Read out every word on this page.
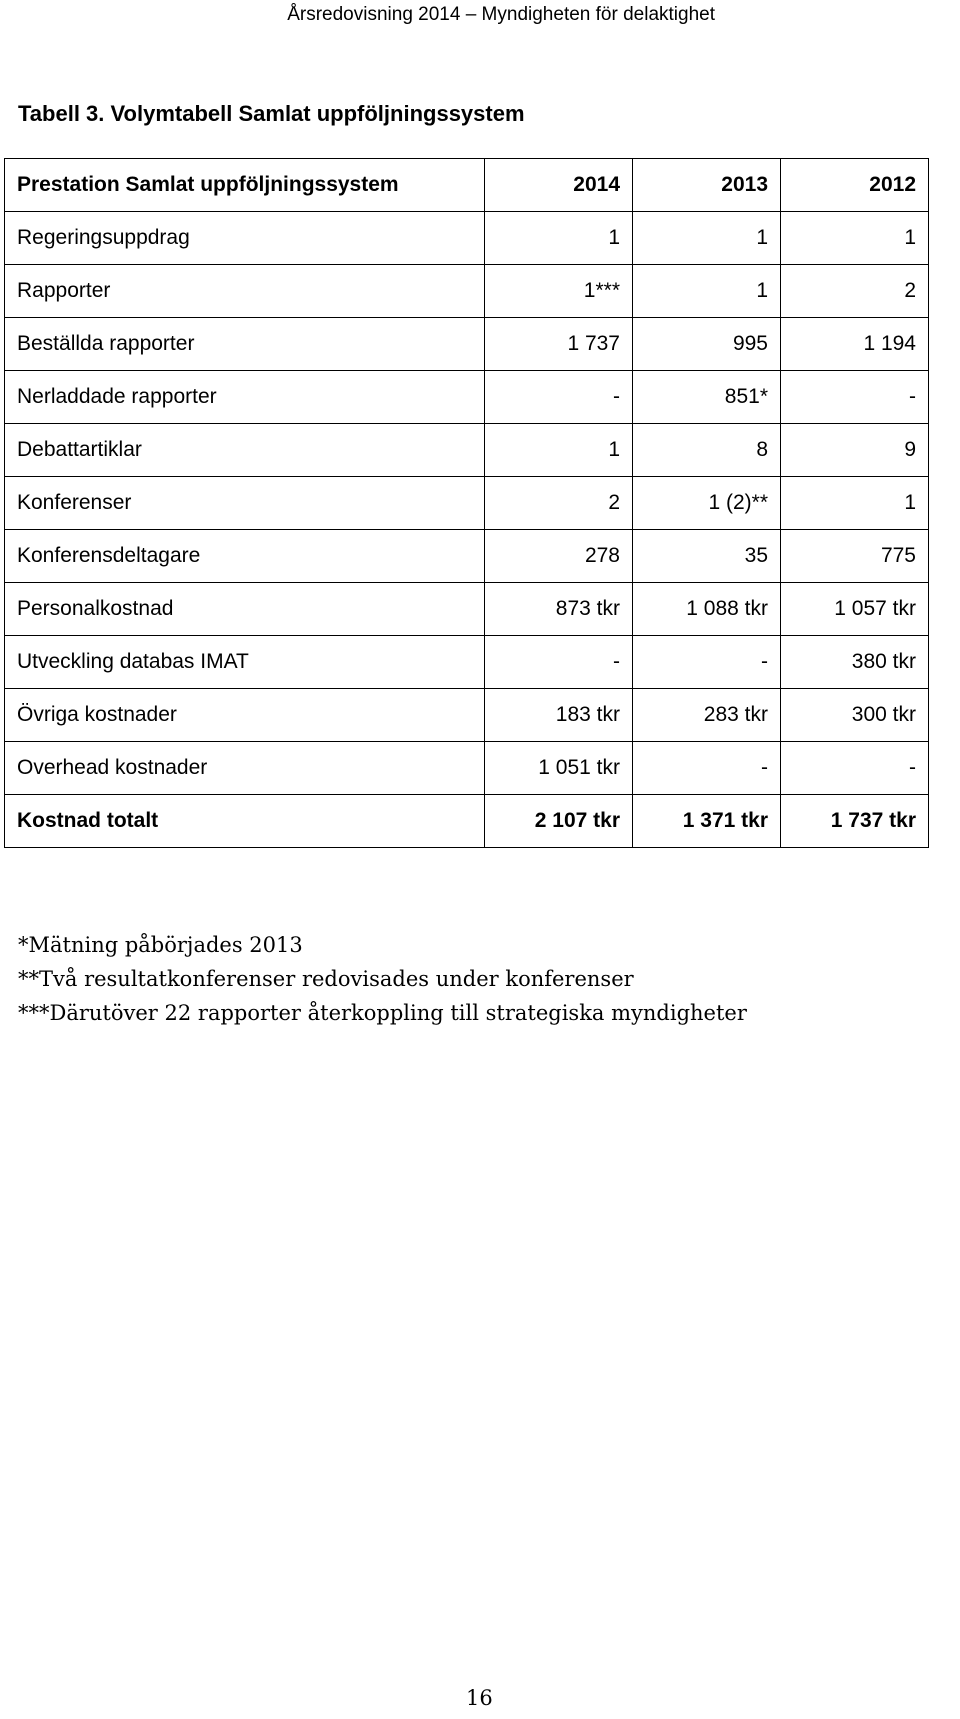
Årsredovisning 2014 – Myndigheten för delaktighet
Tabell 3. Volymtabell Samlat uppföljningssystem
Prestation Samlat uppföljningssystem	2014	2013	2012
Regeringsuppdrag	1	1	1
Rapporter	1***	1	2
Beställda rapporter	1 737	995	1 194
Nerladdade rapporter	-	851*	-
Debattartiklar	1	8	9
Konferenser	2	1 (2)**	1
Konferensdeltagare	278	35	775
Personalkostnad	873 tkr	1 088 tkr	1 057 tkr
Utveckling databas IMAT	-	-	380 tkr
Övriga kostnader	183 tkr	283 tkr	300 tkr
Overhead kostnader	1 051 tkr	-	-
Kostnad totalt	2 107 tkr	1 371 tkr	1 737 tkr
*Mätning påbörjades 2013
**Två resultatkonferenser redovisades under konferenser
***Därutöver 22 rapporter återkoppling till strategiska myndigheter
16
